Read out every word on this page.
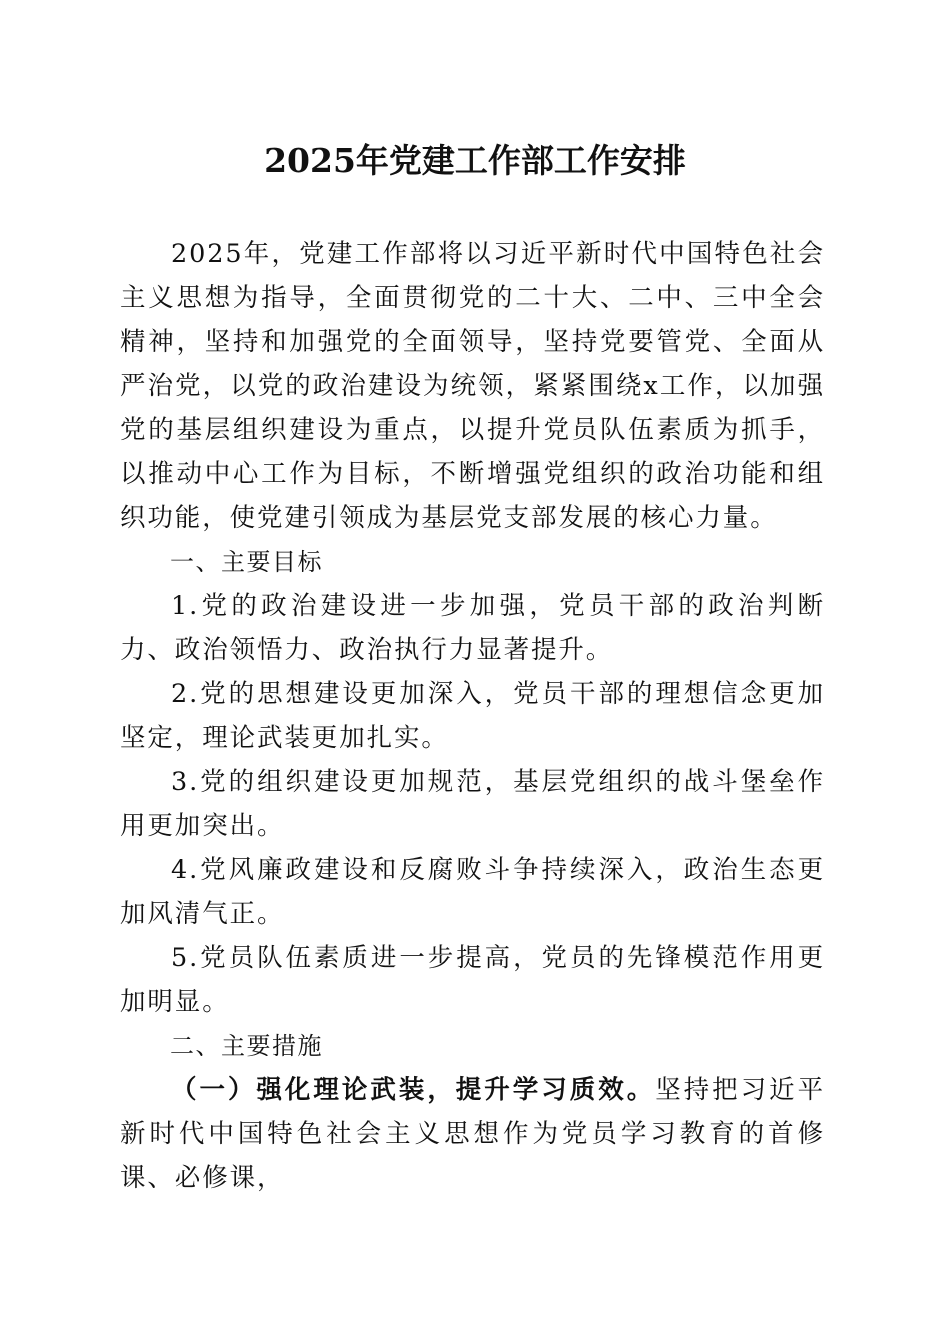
2025年党建工作部工作安排

2025年，党建工作部将以习近平新时代中国特色社会主义思想为指导，全面贯彻党的二十大、二中、三中全会精神，坚持和加强党的全面领导，坚持党要管党、全面从严治党，以党的政治建设为统领，紧紧围绕x工作，以加强党的基层组织建设为重点，以提升党员队伍素质为抓手，以推动中心工作为目标，不断增强党组织的政治功能和组织功能，使党建引领成为基层党支部发展的核心力量。

一、主要目标

1.党的政治建设进一步加强，党员干部的政治判断力、政治领悟力、政治执行力显著提升。

2.党的思想建设更加深入，党员干部的理想信念更加坚定，理论武装更加扎实。

3.党的组织建设更加规范，基层党组织的战斗堡垒作用更加突出。

4.党风廉政建设和反腐败斗争持续深入，政治生态更加风清气正。

5.党员队伍素质进一步提高，党员的先锋模范作用更加明显。

二、主要措施

（一）强化理论武装，提升学习质效。坚持把习近平新时代中国特色社会主义思想作为党员学习教育的首修课、必修课，
